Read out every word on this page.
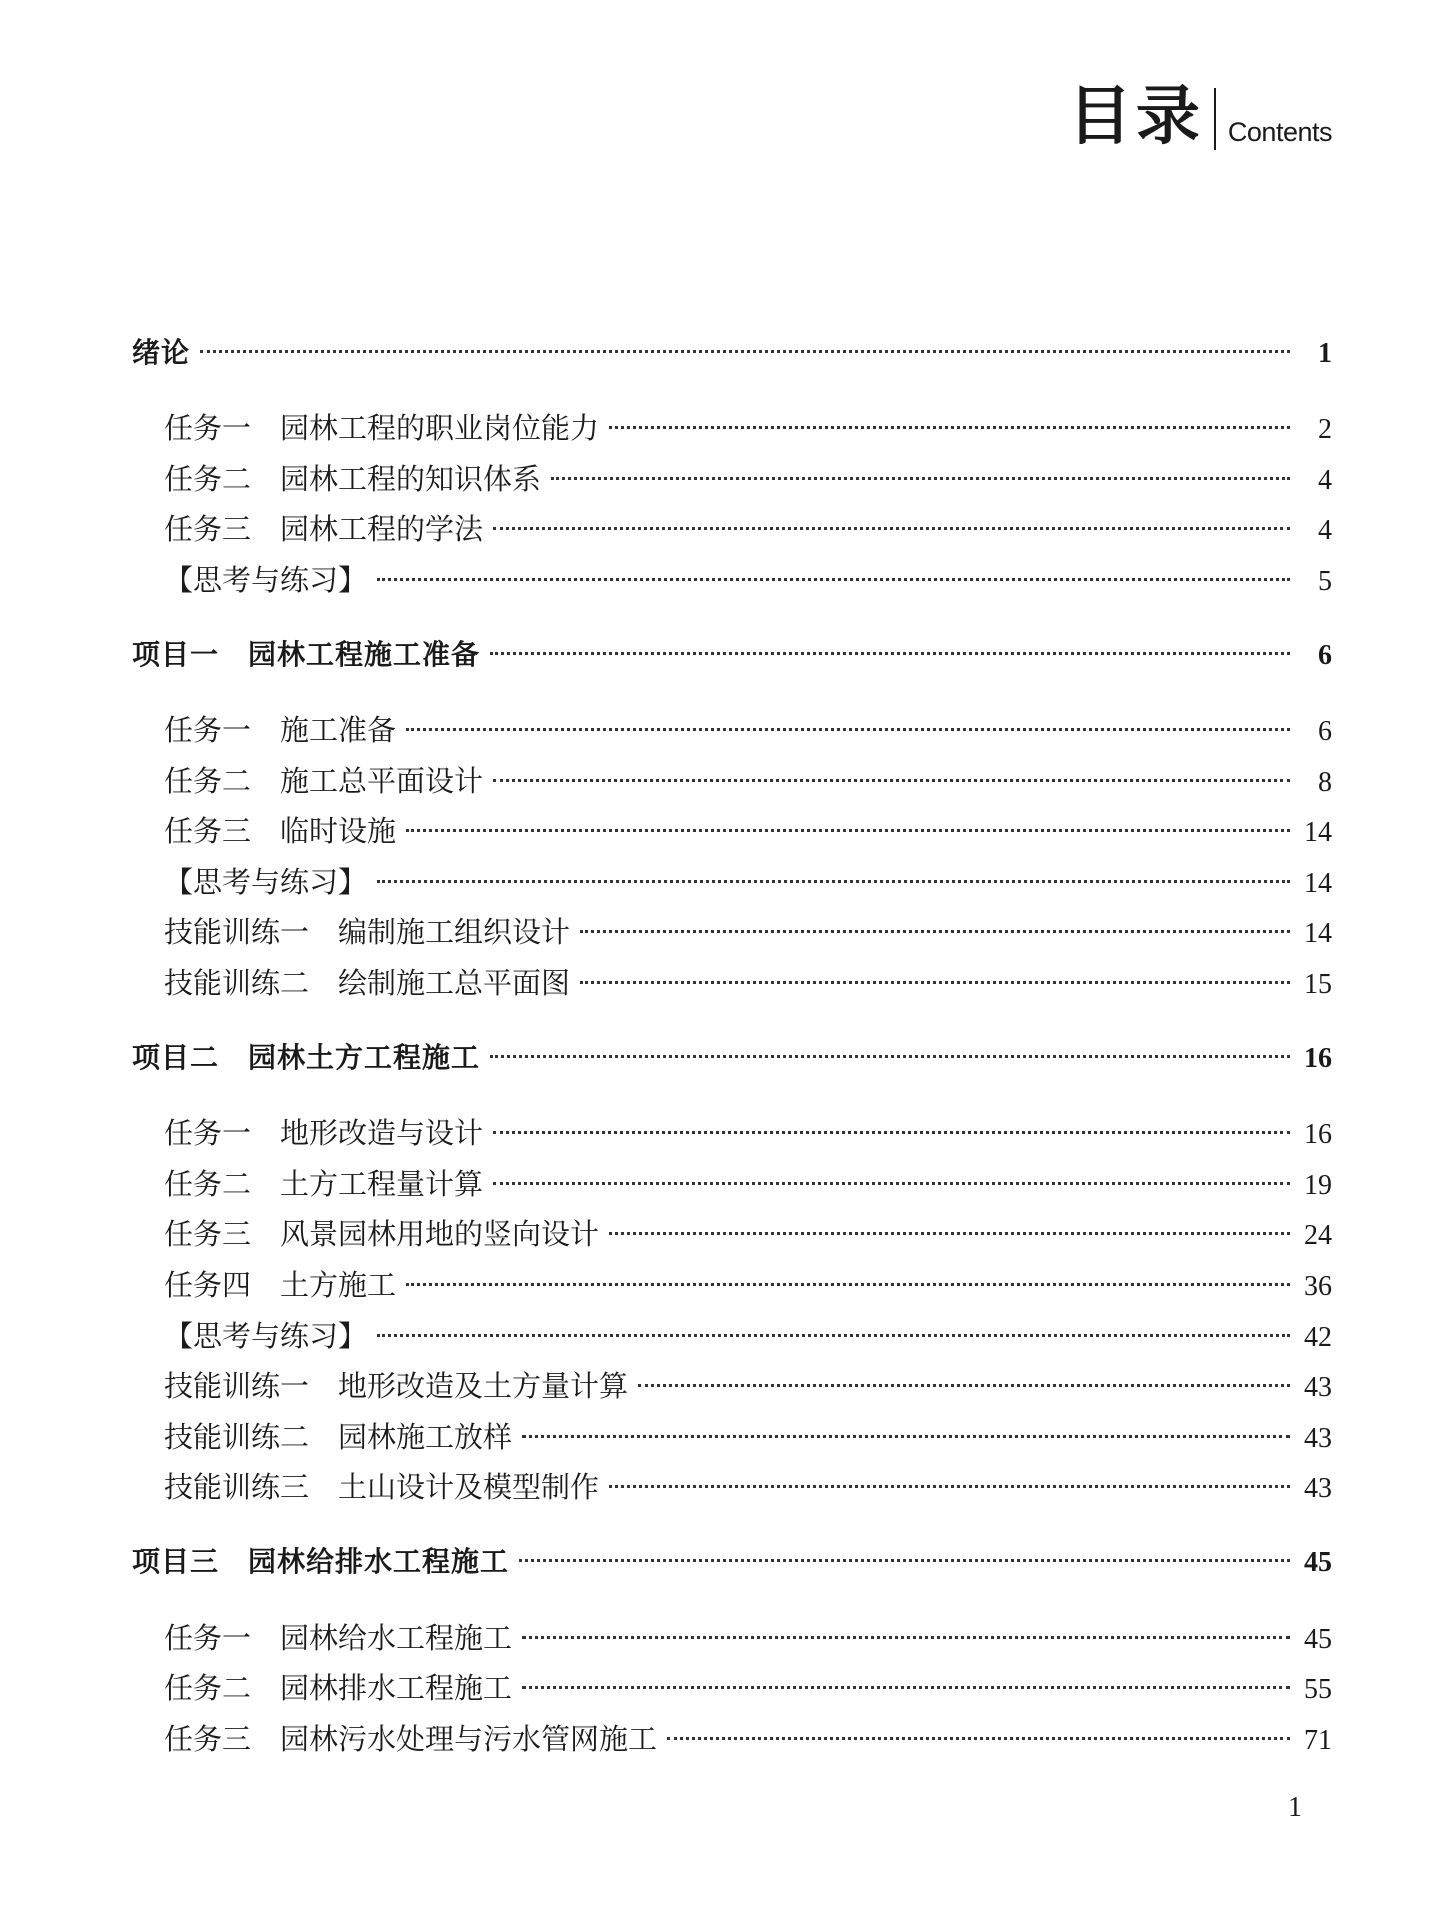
目录 Contents
绪论	1
任务一　园林工程的职业岗位能力	2
任务二　园林工程的知识体系	4
任务三　园林工程的学法	4
【思考与练习】	5
项目一　园林工程施工准备	6
任务一　施工准备	6
任务二　施工总平面设计	8
任务三　临时设施	14
【思考与练习】	14
技能训练一　编制施工组织设计	14
技能训练二　绘制施工总平面图	15
项目二　园林土方工程施工	16
任务一　地形改造与设计	16
任务二　土方工程量计算	19
任务三　风景园林用地的竖向设计	24
任务四　土方施工	36
【思考与练习】	42
技能训练一　地形改造及土方量计算	43
技能训练二　园林施工放样	43
技能训练三　土山设计及模型制作	43
项目三　园林给排水工程施工	45
任务一　园林给水工程施工	45
任务二　园林排水工程施工	55
任务三　园林污水处理与污水管网施工	71
1
